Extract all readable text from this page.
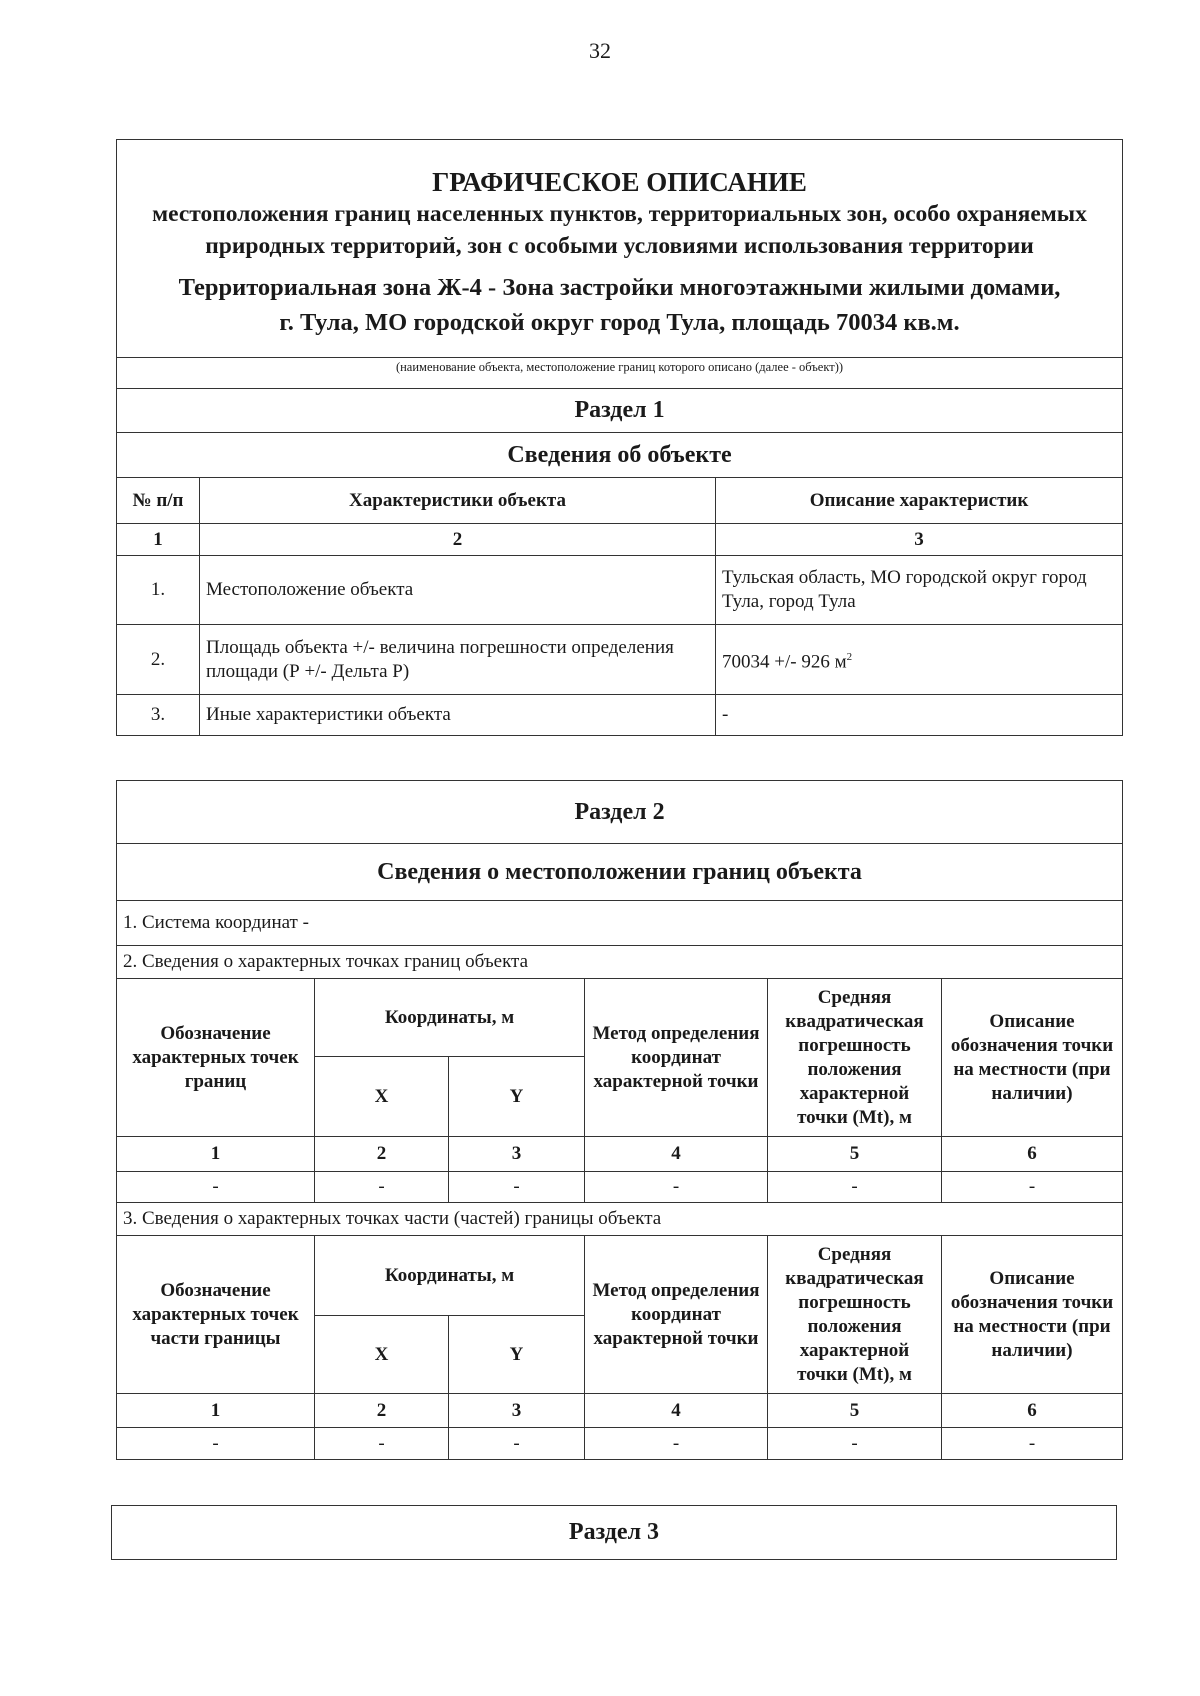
32
ГРАФИЧЕСКОЕ ОПИСАНИЕ
местоположения границ населенных пунктов, территориальных зон, особо охраняемых природных территорий, зон с особыми условиями использования территории
Территориальная зона Ж-4 - Зона застройки многоэтажными жилыми домами,
г. Тула, МО городской округ город Тула, площадь 70034 кв.м.		

(наименование объекта, местоположение границ которого описано (далее - объект))		
Раздел 1		
Сведения об объекте		
№ п/п	Характеристики объекта	Описание характеристик
1	2	3
1.	Местоположение объекта	Тульская область, МО городской округ город Тула, город Тула
2.	Площадь объекта +/- величина погрешности определения площади (Р +/- Дельта Р)	70034 +/- 926 $м^2$
3.	Иные характеристики объекта	-
Раздел 2					
Сведения о местоположении границ объекта					
1. Система координат -					
2. Сведения о характерных точках границ объекта					
Обозначение характерных точек границ	Координаты, м		Метод определения координат характерной точки	Средняя квадратическая погрешность положения характерной точки (Mt), м	Описание обозначения точки на местности (при наличии)
	X	Y			
1	2	3	4	5	6
-	-	-	-	-	-
3. Сведения о характерных точках части (частей) границы объекта					
Обозначение характерных точек части границы	Координаты, м		Метод определения координат характерной точки	Средняя квадратическая погрешность положения характерной точки (Mt), м	Описание обозначения точки на местности (при наличии)
	X	Y			
1	2	3	4	5	6
-	-	-	-	-	-
Раздел 3
